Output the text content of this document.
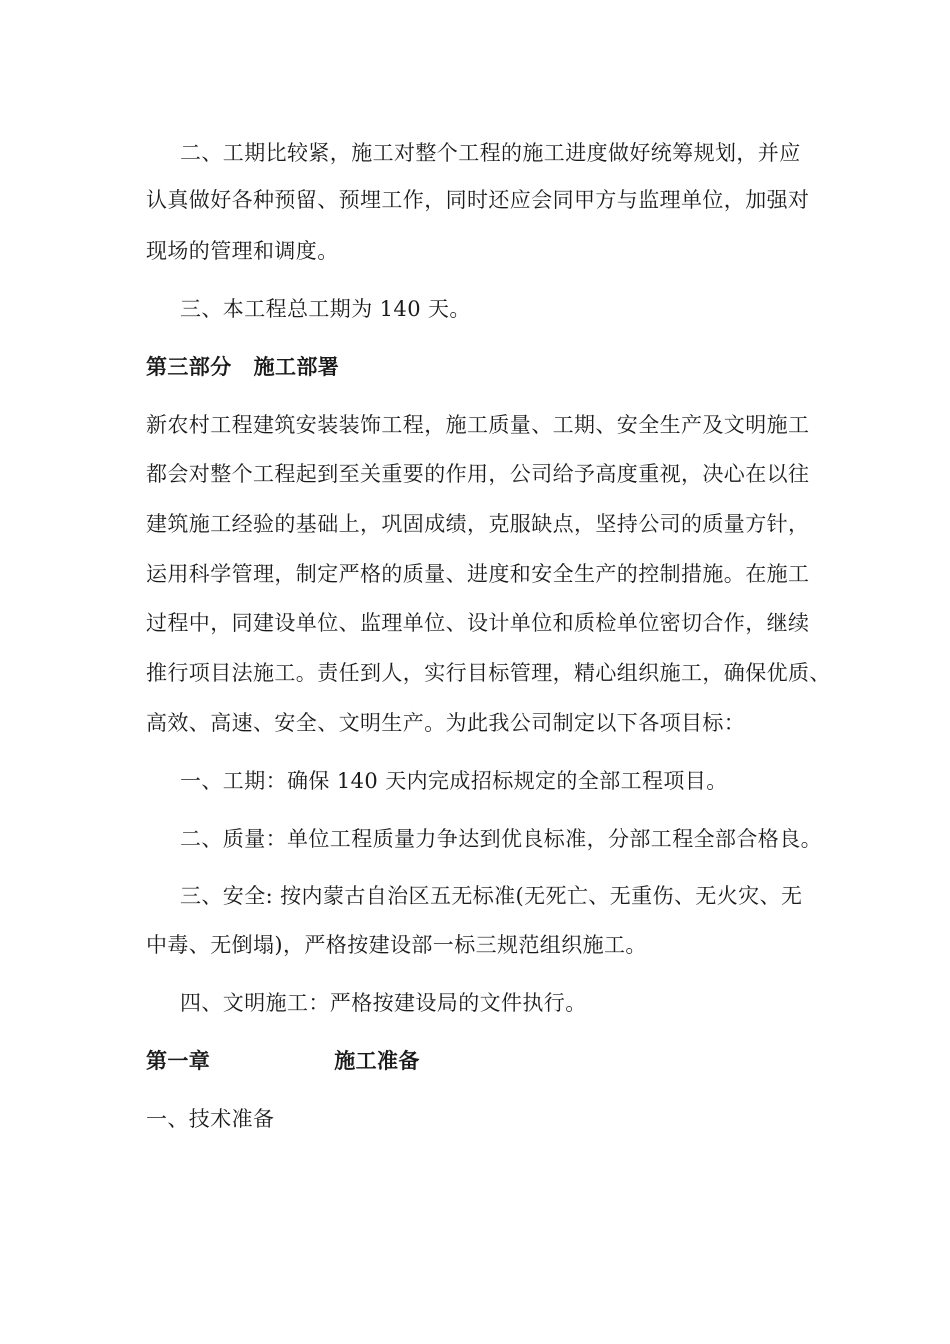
二、工期比较紧，施工对整个工程的施工进度做好统筹规划，并应
认真做好各种预留、预埋工作，同时还应会同甲方与监理单位，加强对
现场的管理和调度。
三、本工程总工期为 140 天。
第三部分 施工部署
新农村工程建筑安装装饰工程，施工质量、工期、安全生产及文明施工
都会对整个工程起到至关重要的作用，公司给予高度重视，决心在以往
建筑施工经验的基础上，巩固成绩，克服缺点，坚持公司的质量方针，
运用科学管理，制定严格的质量、进度和安全生产的控制措施。在施工
过程中，同建设单位、监理单位、设计单位和质检单位密切合作，继续
推行项目法施工。责任到人，实行目标管理，精心组织施工，确保优质、
高效、高速、安全、文明生产。为此我公司制定以下各项目标：
一、工期：确保 140 天内完成招标规定的全部工程项目。
二、质量：单位工程质量力争达到优良标准，分部工程全部合格良。
三、安全: 按内蒙古自治区五无标准(无死亡、无重伤、无火灾、无
中毒、无倒塌)，严格按建设部一标三规范组织施工。
四、文明施工：严格按建设局的文件执行。
第一章	施工准备
一、技术准备
